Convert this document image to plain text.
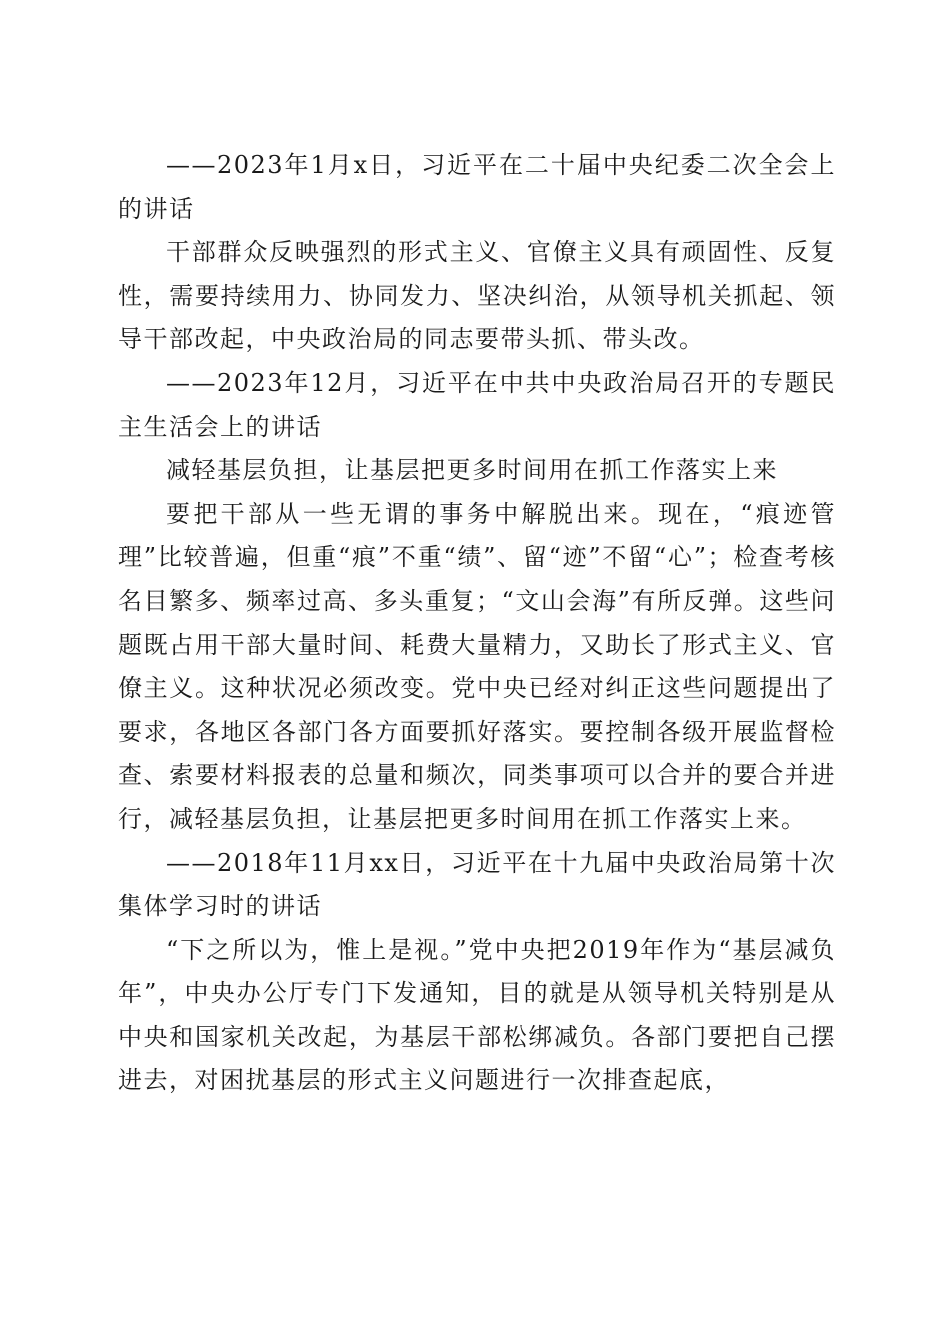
——2023年1月x日，习近平在二十届中央纪委二次全会上的讲话

干部群众反映强烈的形式主义、官僚主义具有顽固性、反复性，需要持续用力、协同发力、坚决纠治，从领导机关抓起、领导干部改起，中央政治局的同志要带头抓、带头改。

——2023年12月，习近平在中共中央政治局召开的专题民主生活会上的讲话

减轻基层负担，让基层把更多时间用在抓工作落实上来

要把干部从一些无谓的事务中解脱出来。现在，“痕迹管理”比较普遍，但重“痕”不重“绩”、留“迹”不留“心”；检查考核名目繁多、频率过高、多头重复；“文山会海”有所反弹。这些问题既占用干部大量时间、耗费大量精力，又助长了形式主义、官僚主义。这种状况必须改变。党中央已经对纠正这些问题提出了要求，各地区各部门各方面要抓好落实。要控制各级开展监督检查、索要材料报表的总量和频次，同类事项可以合并的要合并进行，减轻基层负担，让基层把更多时间用在抓工作落实上来。

——2018年11月xx日，习近平在十九届中央政治局第十次集体学习时的讲话

“下之所以为，惟上是视。”党中央把2019年作为“基层减负年”，中央办公厅专门下发通知，目的就是从领导机关特别是从中央和国家机关改起，为基层干部松绑减负。各部门要把自己摆进去，对困扰基层的形式主义问题进行一次排查起底，
